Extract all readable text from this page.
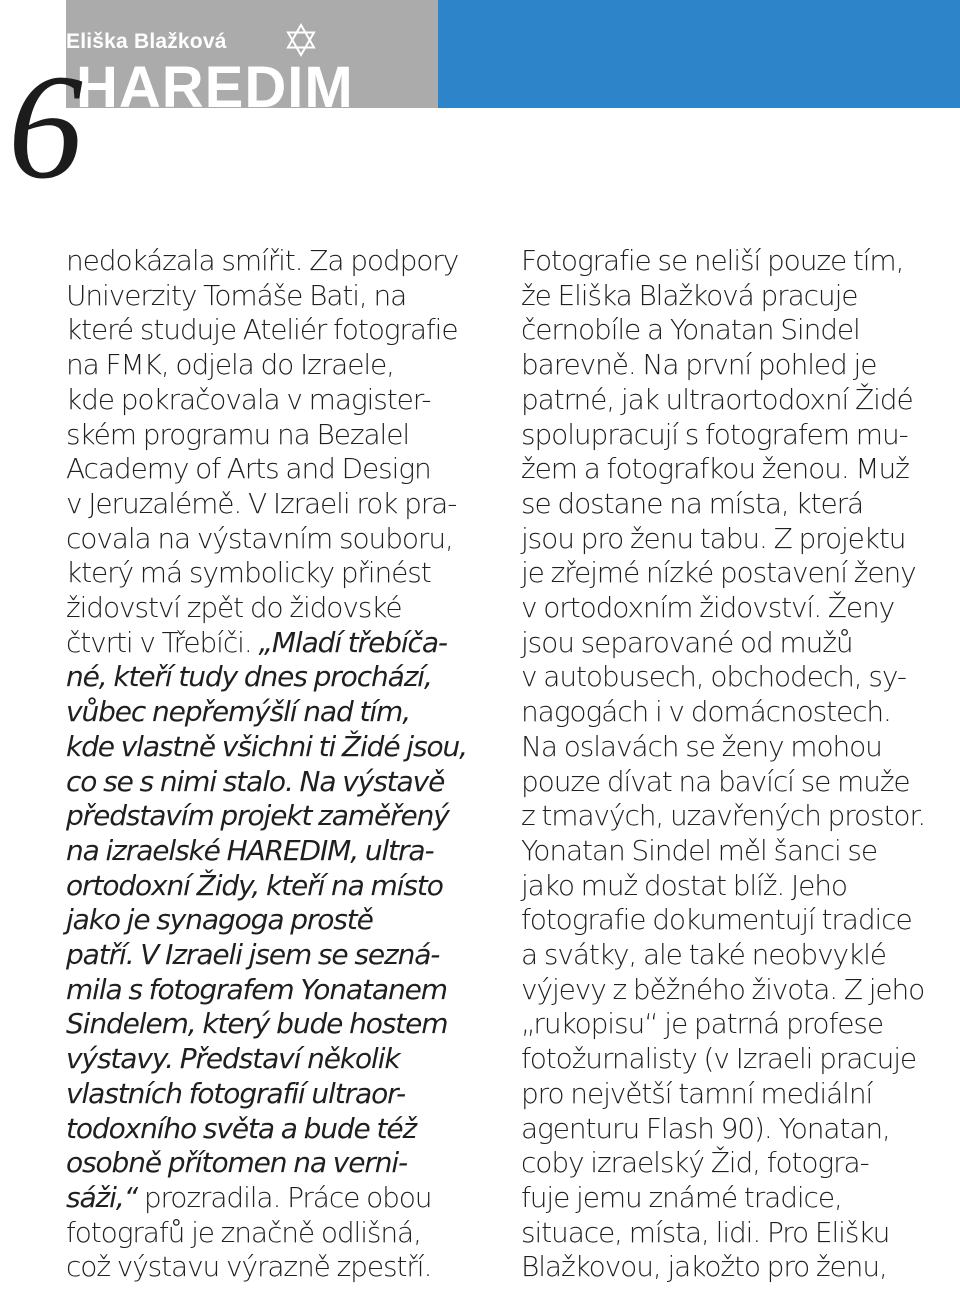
Eliška Blažková
HAREDIM
6
nedokázala smířit. Za podpory
Univerzity Tomáše Bati, na
které studuje Ateliér fotografie
na FMK, odjela do Izraele,
kde pokračovala v magister-
ském programu na Bezalel
Academy of Arts and Design
v Jeruzalémě. V Izraeli rok pra-
covala na výstavním souboru,
který má symbolicky přinést
židovství zpět do židovské
čtvrti v Třebíči. „Mladí třebíča-
né, kteří tudy dnes prochází,
vůbec nepřemýšlí nad tím,
kde vlastně všichni ti Židé jsou,
co se s nimi stalo. Na výstavě
představím projekt zaměřený
na izraelské HAREDIM, ultra-
ortodoxní Židy, kteří na místo
jako je synagoga prostě
patří. V Izraeli jsem se sezná-
mila s fotografem Yonatanem
Sindelem, který bude hostem
výstavy. Představí několik
vlastních fotografií ultraor-
todoxního světa a bude též
osobně přítomen na verni-
sáži,“ prozradila. Práce obou
fotografů je značně odlišná,
což výstavu výrazně zpestří.
Fotografie se neliší pouze tím,
že Eliška Blažková pracuje
černobíle a Yonatan Sindel
barevně. Na první pohled je
patrné, jak ultraortodoxní Židé
spolupracují s fotografem mu-
žem a fotografkou ženou. Muž
se dostane na místa, která
jsou pro ženu tabu. Z projektu
je zřejmé nízké postavení ženy
v ortodoxním židovství. Ženy
jsou separované od mužů
v autobusech, obchodech, sy-
nagogách i v domácnostech.
Na oslavách se ženy mohou
pouze dívat na bavící se muže
z tmavých, uzavřených prostor.
Yonatan Sindel měl šanci se
jako muž dostat blíž. Jeho
fotografie dokumentují tradice
a svátky, ale také neobvyklé
výjevy z běžného života. Z jeho
„rukopisu“ je patrná profese
fotožurnalisty (v Izraeli pracuje
pro největší tamní mediální
agenturu Flash 90). Yonatan,
coby izraelský Žid, fotogra-
fuje jemu známé tradice,
situace, místa, lidi. Pro Elišku
Blažkovou, jakožto pro ženu,
